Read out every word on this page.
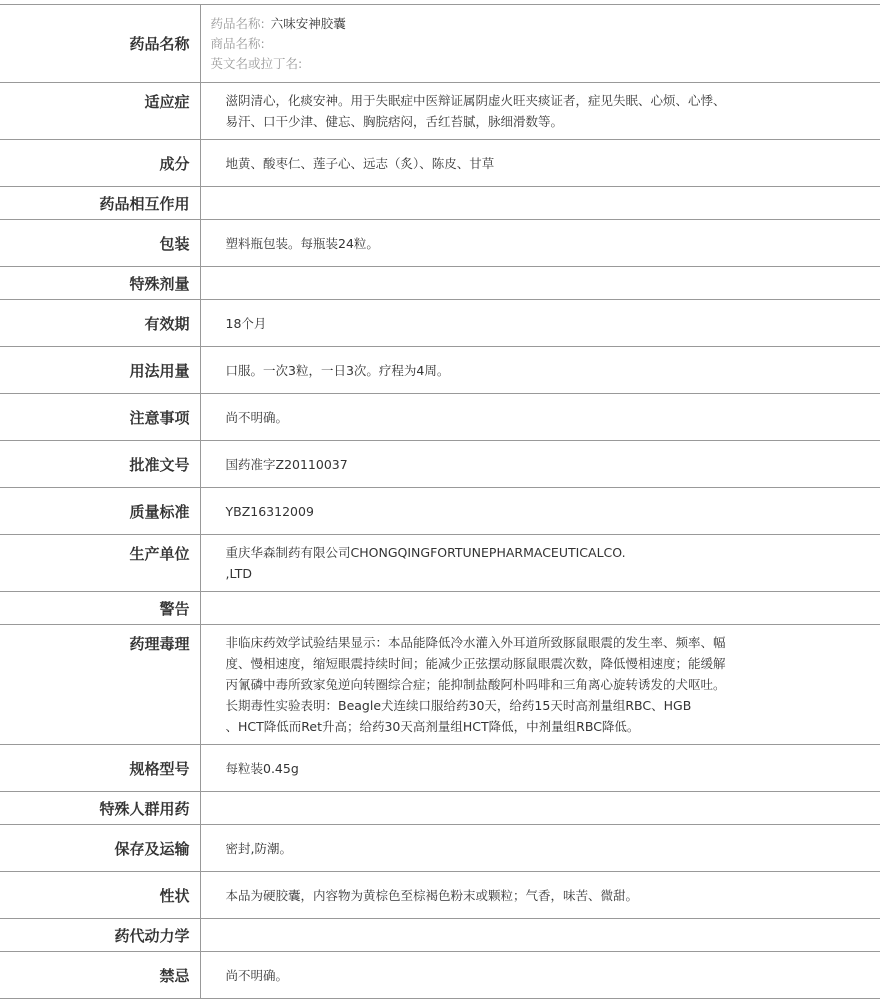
药品名称	药品名称: 六味安神胶囊
商品名称:
英文名或拉丁名:

适应症	滋阴清心，化痰安神。用于失眠症中医辩证属阴虚火旺夹痰证者，症见失眠、心烦、心悸、
易汗、口干少津、健忘、胸脘痞闷，舌红苔腻，脉细滑数等。

成分	地黄、酸枣仁、莲子心、远志（炙）、陈皮、甘草
药品相互作用	
包装	塑料瓶包装。每瓶装24粒。
特殊剂量	
有效期	18个月
用法用量	口服。一次3粒，一日3次。疗程为4周。
注意事项	尚不明确。
批准文号	国药准字Z20110037
质量标准	YBZ16312009
生产单位	重庆华森制药有限公司CHONGQINGFORTUNEPHARMACEUTICALCO.
,LTD

警告	
药理毒理	非临床药效学试验结果显示：本品能降低冷水灌入外耳道所致豚鼠眼震的发生率、频率、幅
度、慢相速度，缩短眼震持续时间；能减少正弦摆动豚鼠眼震次数，降低慢相速度；能缓解
丙氰磷中毒所致家兔逆向转圈综合症；能抑制盐酸阿朴吗啡和三角离心旋转诱发的犬呕吐。
长期毒性实验表明：Beagle犬连续口服给药30天，给药15天时高剂量组RBC、HGB
、HCT降低而Ret升高；给药30天高剂量组HCT降低，中剂量组RBC降低。

规格型号	每粒装0.45g
特殊人群用药	
保存及运输	密封,防潮。
性状	本品为硬胶囊，内容物为黄棕色至棕褐色粉末或颗粒；气香，味苦、微甜。
药代动力学	
禁忌	尚不明确。
